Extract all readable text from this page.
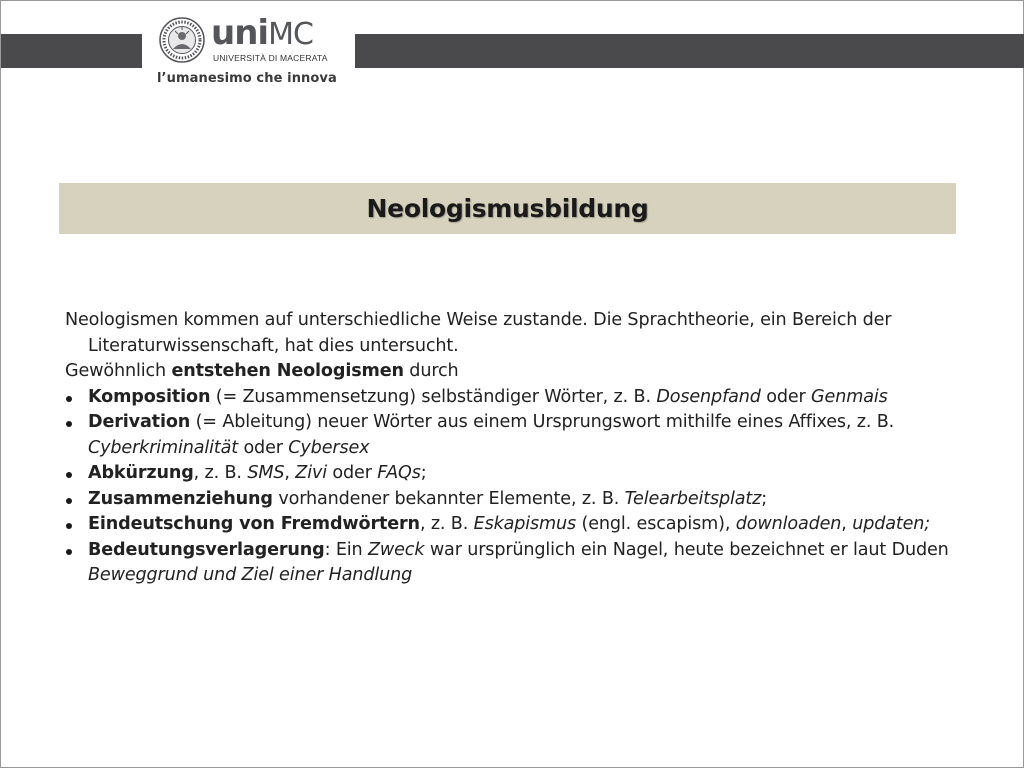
uniMC
UNIVERSITÀ DI MACERATA
l’umanesimo che innova
Neologismusbildung
Neologismen kommen auf unterschiedliche Weise zustande. Die Sprachtheorie, ein Bereich der Literaturwissenschaft, hat dies untersucht.
Gewöhnlich entstehen Neologismen durch
Komposition (= Zusammensetzung) selbständiger Wörter, z. B. Dosenpfand oder Genmais
Derivation (= Ableitung) neuer Wörter aus einem Ursprungswort mithilfe eines Affixes, z. B. Cyberkriminalität oder Cybersex
Abkürzung, z. B. SMS, Zivi oder FAQs;
Zusammenziehung vorhandener bekannter Elemente, z. B. Telearbeitsplatz;
Eindeutschung von Fremdwörtern, z. B. Eskapismus (engl. escapism), downloaden, updaten;
Bedeutungsverlagerung: Ein Zweck war ursprünglich ein Nagel, heute bezeichnet er laut Duden Beweggrund und Ziel einer Handlung
